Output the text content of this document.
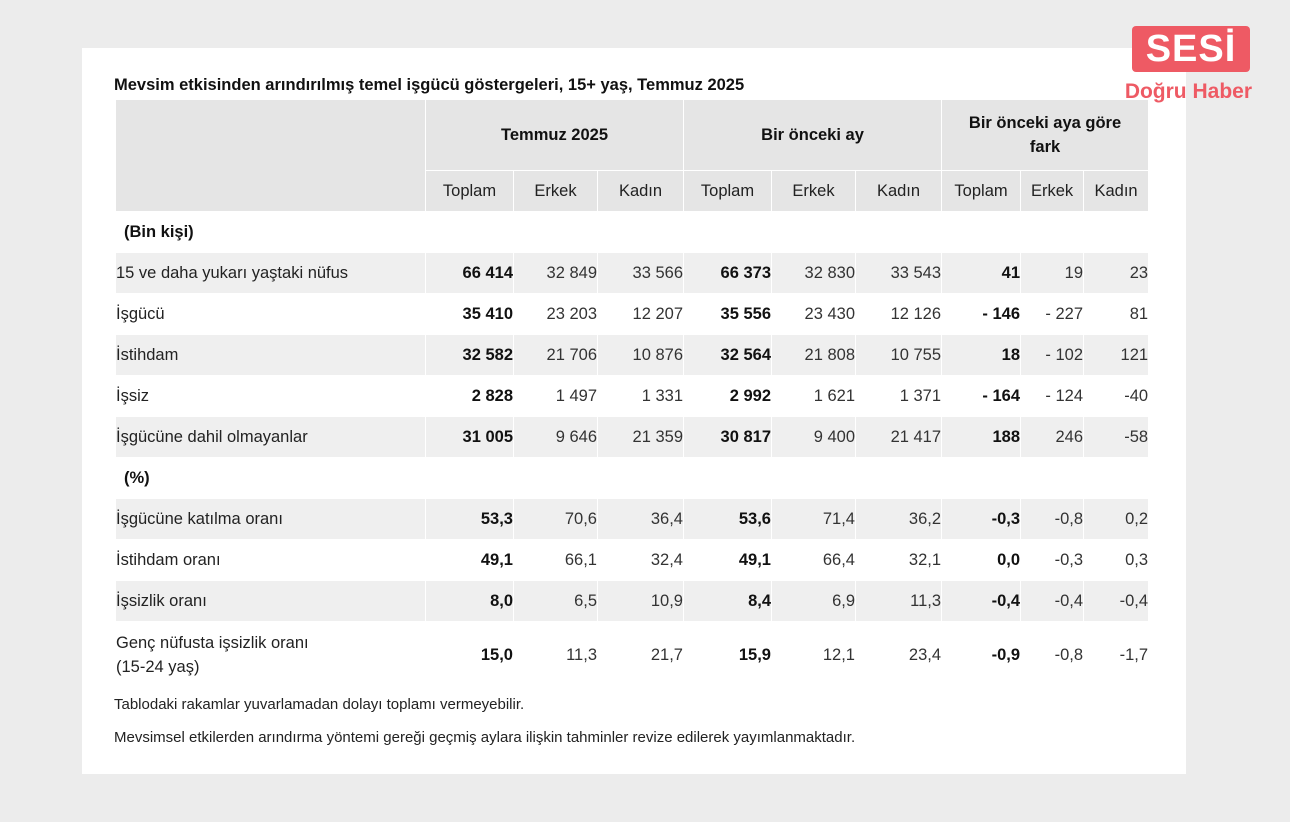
Mevsim etkisinden arındırılmış temel işgücü göstergeleri, 15+ yaş, Temmuz 2025
	Temmuz 2025			Bir önceki ay			Bir önceki aya göre fark		

	Toplam	Erkek	Kadın	Toplam	Erkek	Kadın	Toplam	Erkek	Kadın
(Bin kişi)									
15 ve daha yukarı yaştaki nüfus	66 414	32 849	33 566	66 373	32 830	33 543	41	19	23
İşgücü	35 410	23 203	12 207	35 556	23 430	12 126	- 146	- 227	81
İstihdam	32 582	21 706	10 876	32 564	21 808	10 755	18	- 102	121
İşsiz	2 828	1 497	1 331	2 992	1 621	1 371	- 164	- 124	-40
İşgücüne dahil olmayanlar	31 005	9 646	21 359	30 817	9 400	21 417	188	246	-58
(%)									
İşgücüne katılma oranı	53,3	70,6	36,4	53,6	71,4	36,2	-0,3	-0,8	0,2
İstihdam oranı	49,1	66,1	32,4	49,1	66,4	32,1	0,0	-0,3	0,3
İşsizlik oranı	8,0	6,5	10,9	8,4	6,9	11,3	-0,4	-0,4	-0,4
Genç nüfusta işsizlik oranı
(15-24 yaş)	15,0	11,3	21,7	15,9	12,1	23,4	-0,9	-0,8	-1,7
Tablodaki rakamlar yuvarlamadan dolayı toplamı vermeyebilir.
Mevsimsel etkilerden arındırma yöntemi gereği geçmiş aylara ilişkin tahminler revize edilerek yayımlanmaktadır.
SESİ
Doğru Haber
